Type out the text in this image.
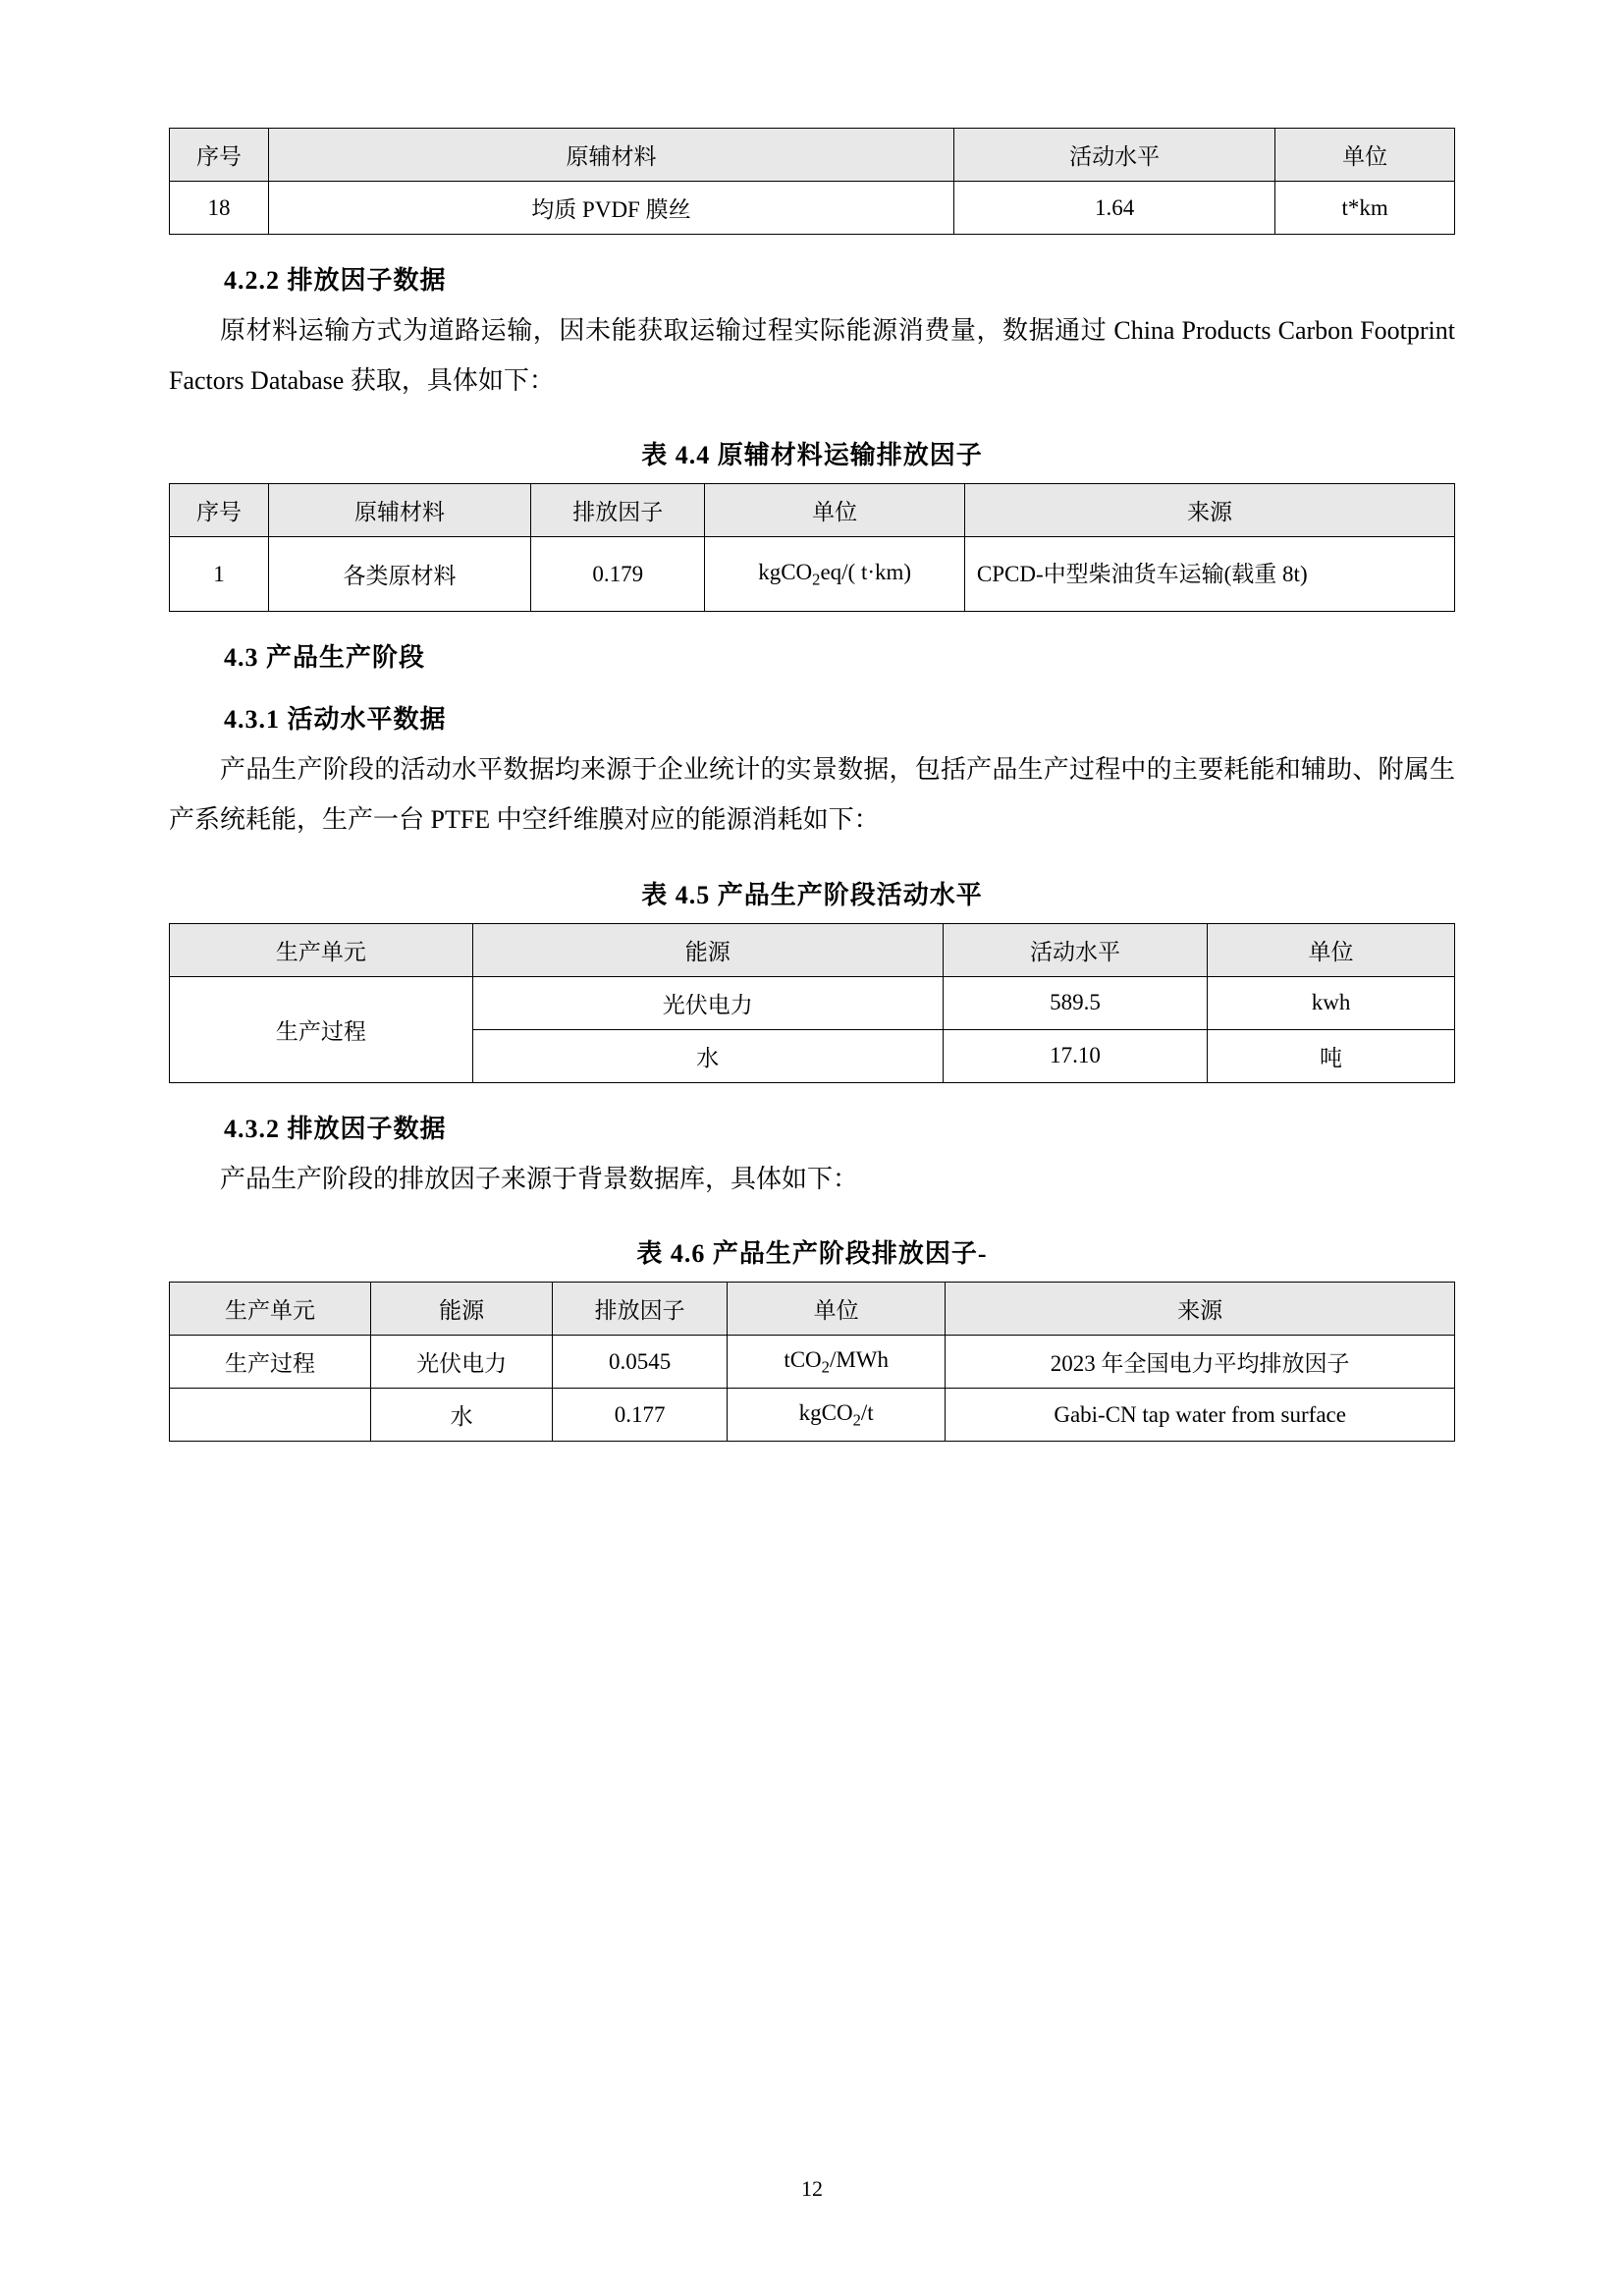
序号	原辅材料	活动水平	单位
18	均质 PVDF 膜丝	1.64	t*km
4.2.2 排放因子数据
原材料运输方式为道路运输，因未能获取运输过程实际能源消费量，数据通过 China Products Carbon Footprint Factors Database 获取，具体如下：
表 4.4 原辅材料运输排放因子
序号	原辅材料	排放因子	单位	来源
1	各类原材料	0.179	kgCO$_2$eq/( t·km)	CPCD-中型柴油货车运输(载重 8t)
4.3 产品生产阶段
4.3.1 活动水平数据
产品生产阶段的活动水平数据均来源于企业统计的实景数据，包括产品生产过程中的主要耗能和辅助、附属生产系统耗能，生产一台 PTFE 中空纤维膜对应的能源消耗如下：
表 4.5 产品生产阶段活动水平
生产单元	能源	活动水平	单位
生产过程	光伏电力	589.5	kwh
	水	17.10	吨
4.3.2 排放因子数据
产品生产阶段的排放因子来源于背景数据库，具体如下：
表 4.6 产品生产阶段排放因子-
生产单元	能源	排放因子	单位	来源
生产过程	光伏电力	0.0545	tCO$_2$/MWh	2023 年全国电力平均排放因子
	水	0.177	kgCO$_2$/t	Gabi-CN tap water from surface
12
